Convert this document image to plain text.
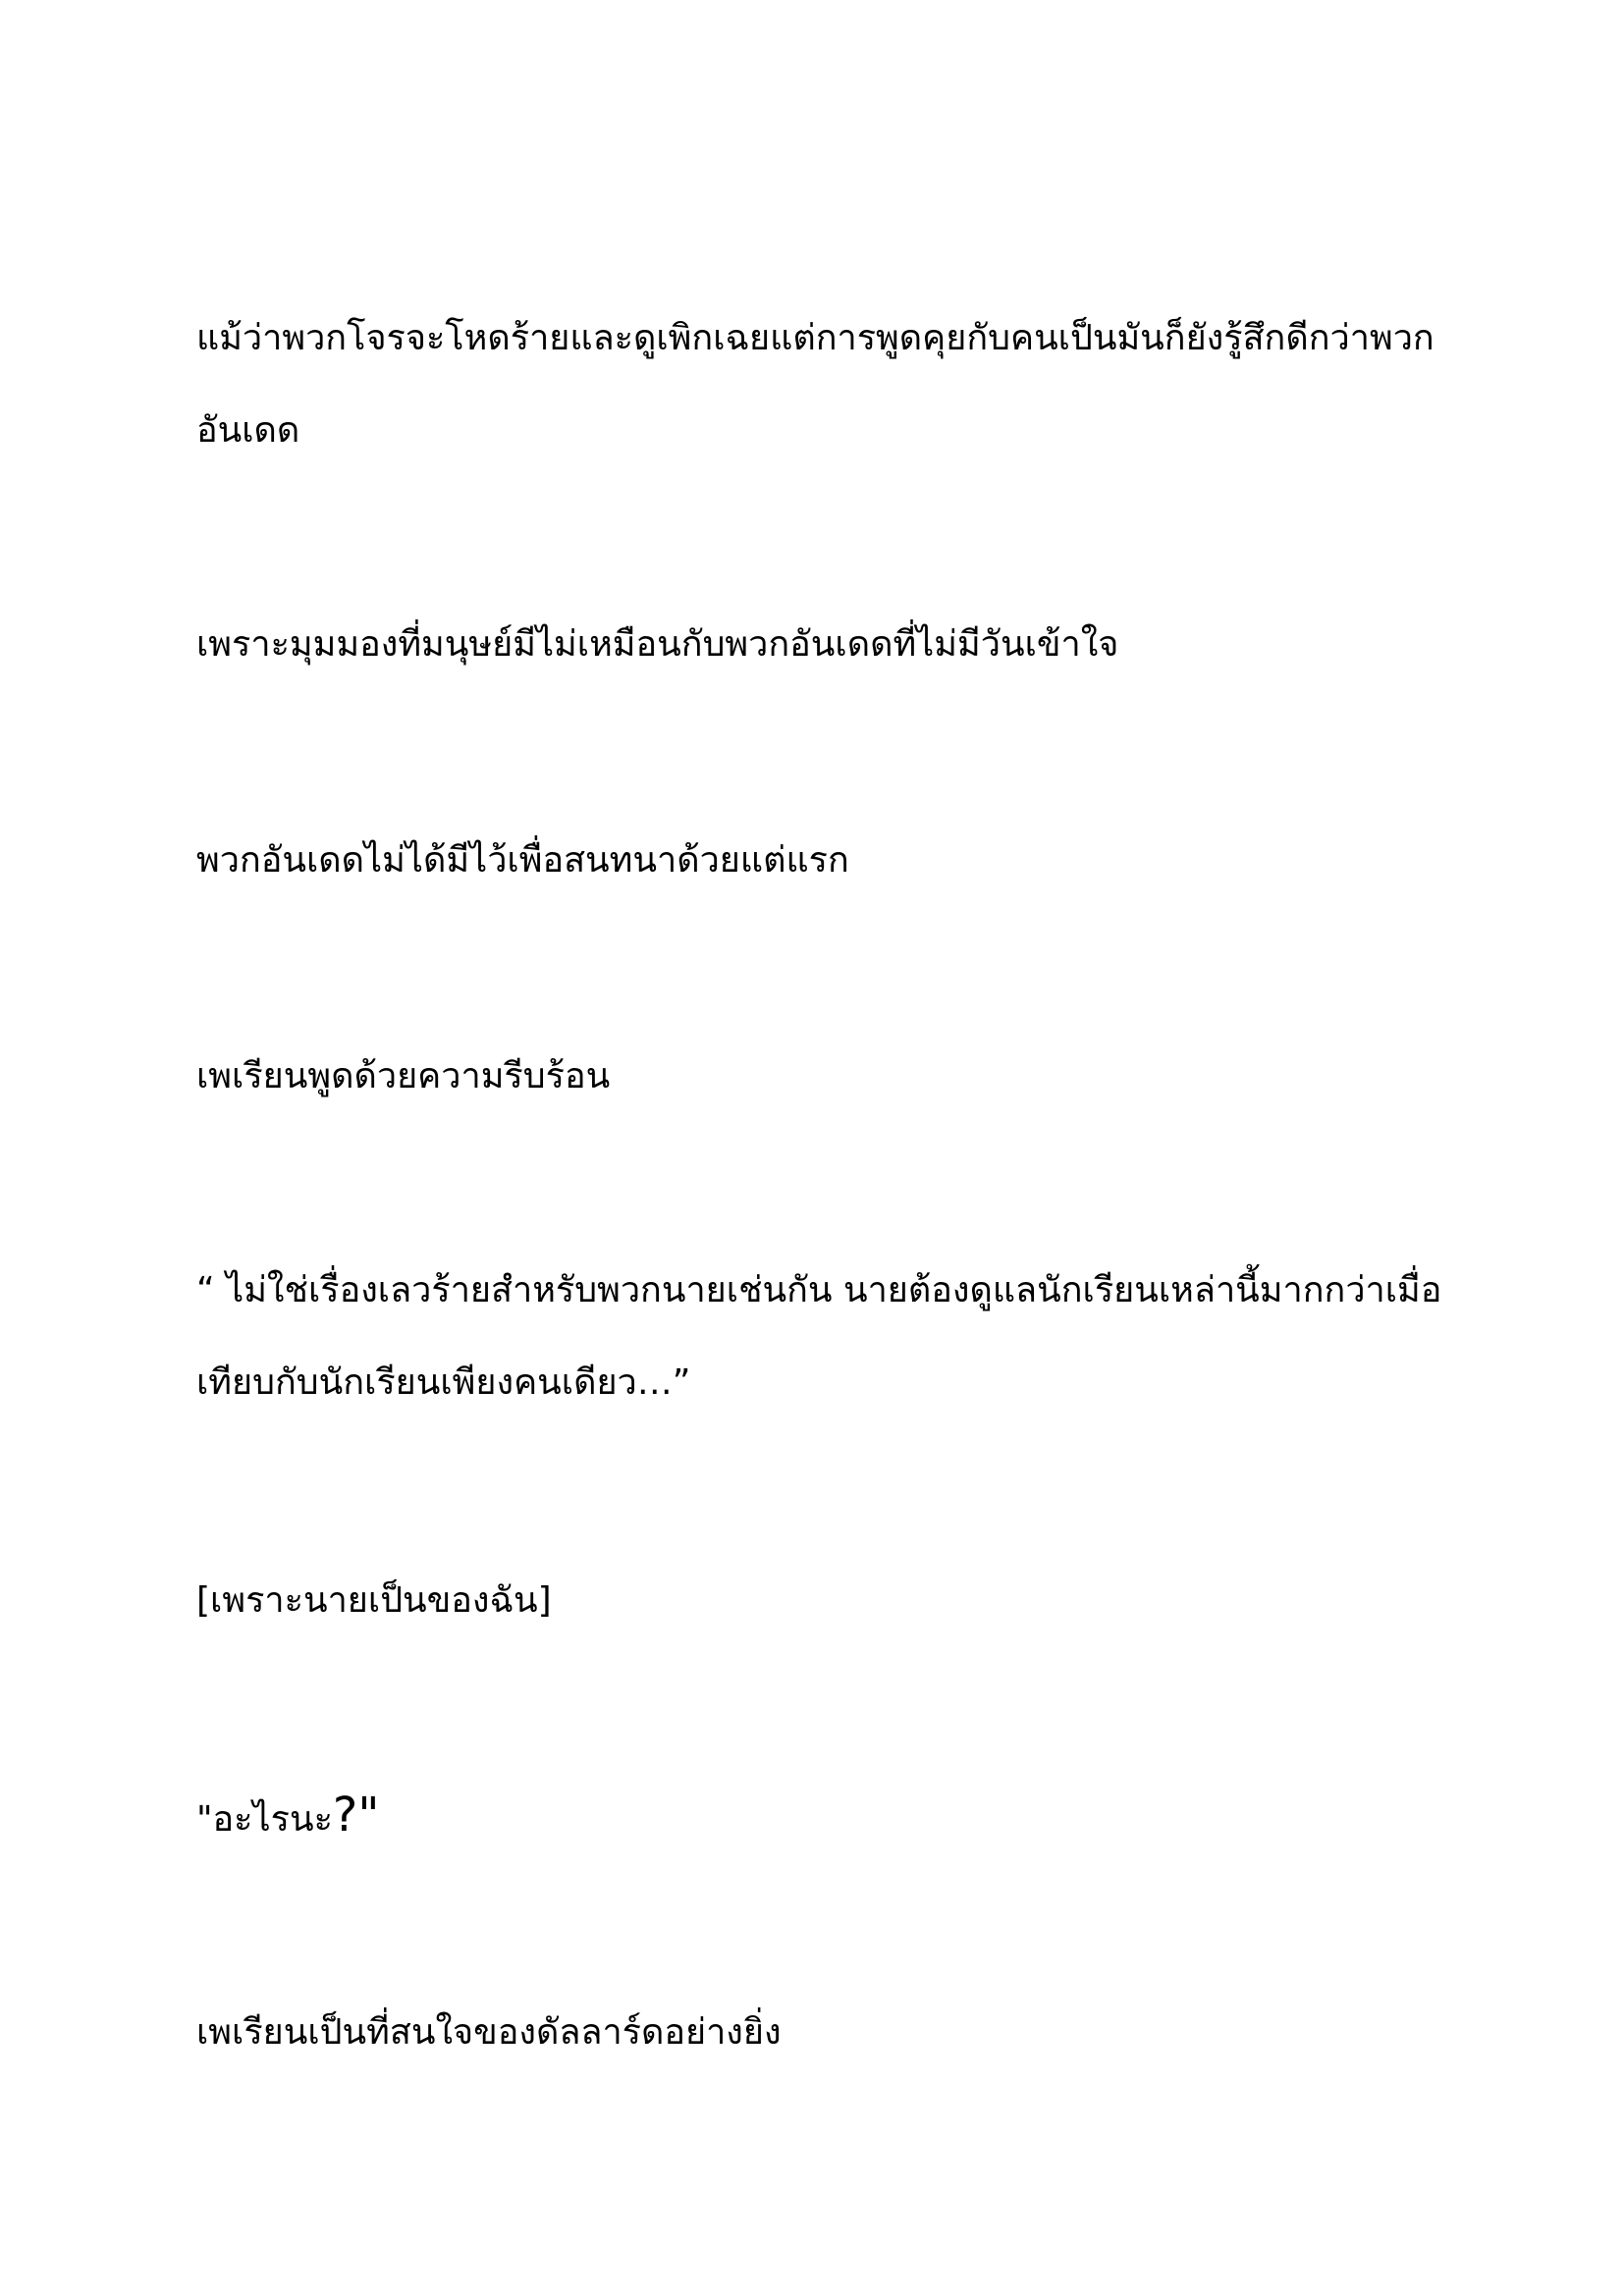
แม้ว่าพวกโจรจะโหดร้ายและดูเพิกเฉยแต่การพูดคุยกับคนเป็นมันก็ยังรู้สึกดีกว่าพวก
อันเดด

เพราะมุมมองที่มนุษย์มีไม่เหมือนกับพวกอันเดดที่ไม่มีวันเข้าใจ

พวกอันเดดไม่ได้มีไว้เพื่อสนทนาด้วยแต่แรก

เพเรียนพูดด้วยความรีบร้อน

“ ไม่ใช่เรื่องเลวร้ายสำหรับพวกนายเช่นกัน นายต้องดูแลนักเรียนเหล่านี้มากกว่าเมื่อ
เทียบกับนักเรียนเพียงคนเดียว…”

[เพราะนายเป็นของฉัน]

"อะไรนะ?"

เพเรียนเป็นที่สนใจของดัลลาร์ดอย่างยิ่ง
